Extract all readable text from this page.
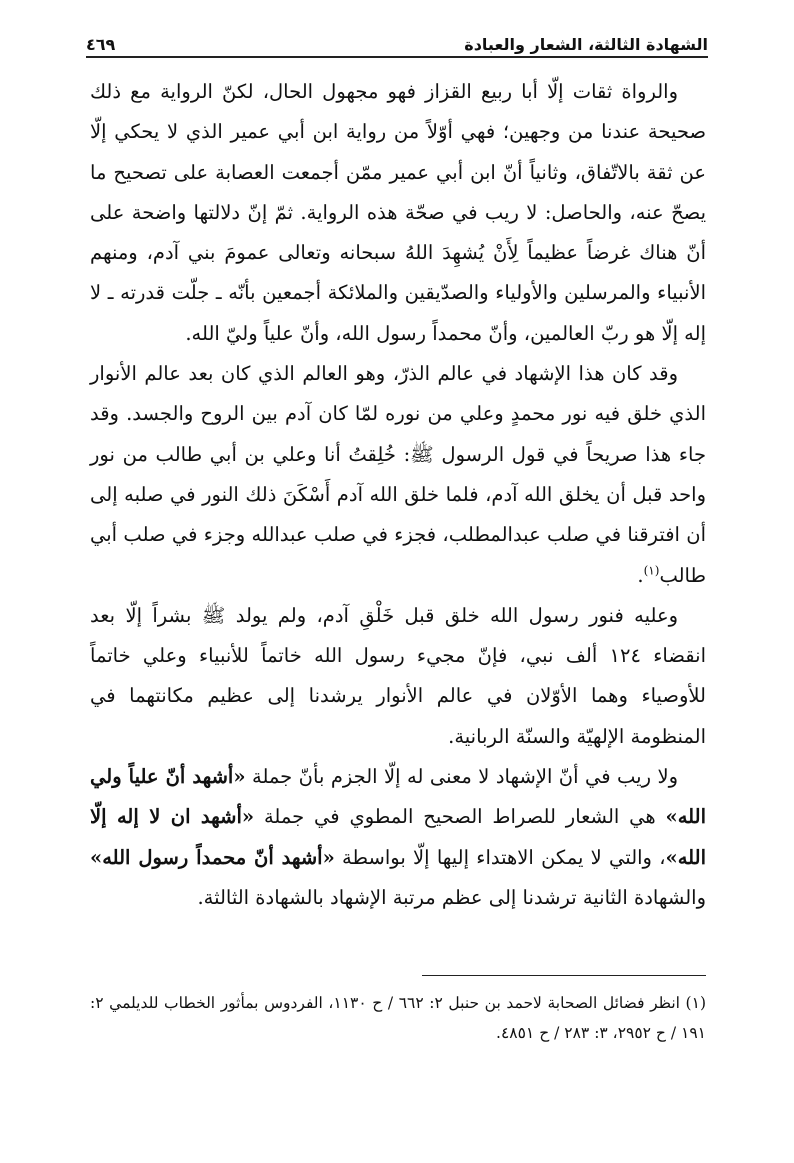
الشهادة الثالثة، الشعار والعبادة
٤٦٩

والرواة ثقات إلّا أبا ربيع القزاز فهو مجهول الحال، لكنّ الرواية مع ذلك صحيحة عندنا من وجهين؛ فهي أوّلاً من رواية ابن أبي عمير الذي لا يحكي إلّا عن ثقة بالاتّفاق، وثانياً أنّ ابن أبي عمير ممّن أجمعت العصابة على تصحيح ما يصحّ عنه، والحاصل: لا ريب في صحّة هذه الرواية. ثمّ إنّ دلالتها واضحة على أنّ هناك غرضاً عظيماً لِأَنْ يُشهِدَ اللهُ سبحانه وتعالى عمومَ بني آدم، ومنهم الأنبياء والمرسلين والأولياء والصدّيقين والملائكة أجمعين بأنّه ـ جلّت قدرته ـ لا إله إلّا هو ربّ العالمين، وأنّ محمداً رسول الله، وأنّ علياً وليّ الله.

وقد كان هذا الإشهاد في عالم الذرّ، وهو العالم الذي كان بعد عالم الأنوار الذي خلق فيه نور محمدٍ وعلي من نوره لمّا كان آدم بين الروح والجسد. وقد جاء هذا صريحاً في قول الرسول ﷺ: خُلِقتُ أنا وعلي بن أبي طالب من نور واحد قبل أن يخلق الله آدم، فلما خلق الله آدم أَسْكَنَ ذلك النور في صلبه إلى أن افترقنا في صلب عبدالمطلب، فجزء في صلب عبدالله وجزء في صلب أبي طالب$^{(١)}$.

وعليه فنور رسول الله خلق قبل خَلْقِ آدم، ولم يولد ﷺ بشراً إلّا بعد انقضاء ١٢٤ ألف نبي، فإنّ مجيء رسول الله خاتماً للأنبياء وعلي خاتماً للأوصياء وهما الأوّلان في عالم الأنوار يرشدنا إلى عظيم مكانتهما في المنظومة الإلهيّة والسنّة الربانية.

ولا ريب في أنّ الإشهاد لا معنى له إلّا الجزم بأنّ جملة «أشهد أنّ علياً ولي الله» هي الشعار للصراط الصحيح المطوي في جملة «أشهد ان لا إله إلّا الله»، والتي لا يمكن الاهتداء إليها إلّا بواسطة «أشهد أنّ محمداً رسول الله» والشهادة الثانية ترشدنا إلى عظم مرتبة الإشهاد بالشهادة الثالثة.

(١) انظر فضائل الصحابة لاحمد بن حنبل ٢: ٦٦٢ / ح ١١٣٠، الفردوس بمأثور الخطاب للديلمي ٢: ١٩١ / ح ٢٩٥٢، ٣: ٢٨٣ / ح ٤٨٥١.
